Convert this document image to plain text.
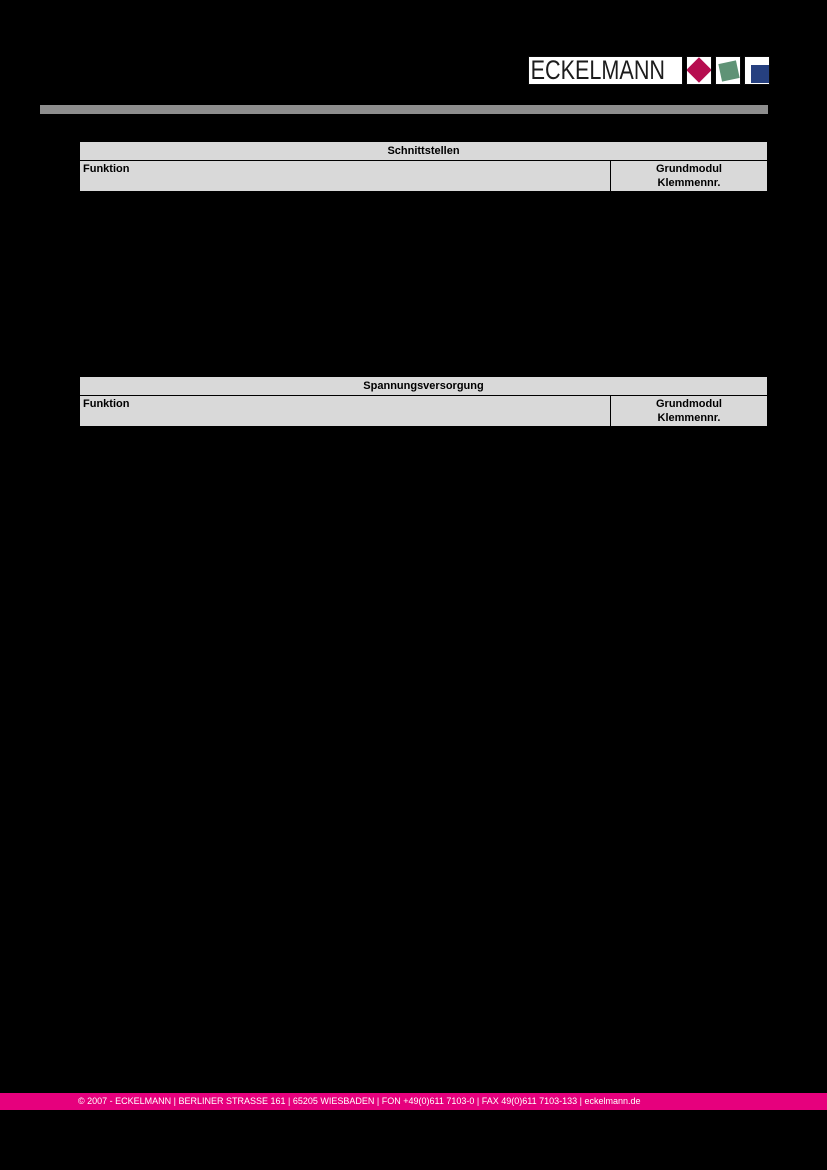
ECKELMANN
Schnittstellen
Funktion	Grundmodul
Klemmennr.
Spannungsversorgung
Funktion	Grundmodul
Klemmennr.
© 2007 - ECKELMANN | BERLINER STRASSE 161 | 65205 WIESBADEN | FON +49(0)611 7103-0 | FAX 49(0)611 7103-133 | eckelmann.de
